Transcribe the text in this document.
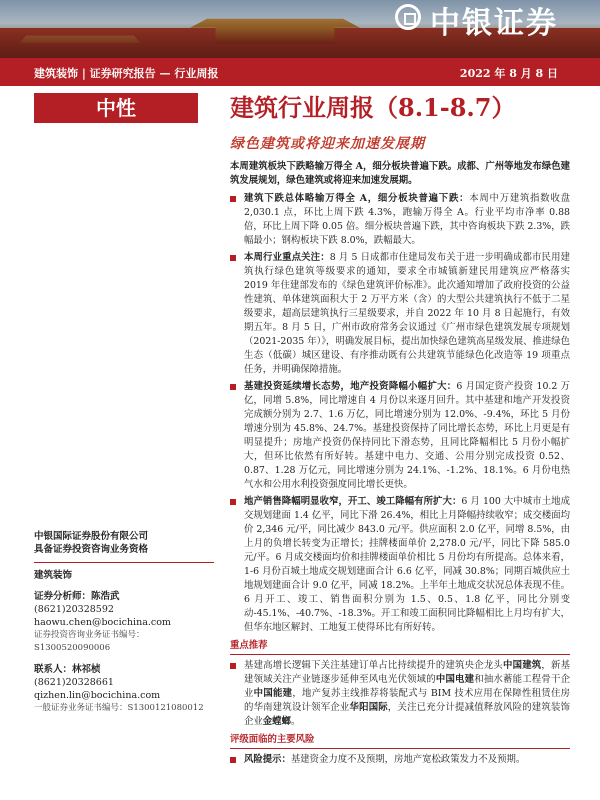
中银证券
建筑装饰 | 证券研究报告 — 行业周报	2022 年 8 月 8 日
中性	建筑行业周报（8.1-8.7）
绿色建筑或将迎来加速发展期
本周建筑板块下跌略输万得全 A，细分板块普遍下跌。成都、广州等地发布绿色建筑发展规划，绿色建筑或将迎来加速发展期。
建筑下跌总体略输万得全 A，细分板块普遍下跌：本周中万建筑指数收盘 2,030.1 点，环比上周下跌 4.3%，跑输万得全 A。行业平均市净率 0.88 倍，环比上周下降 0.05 倍。细分板块普遍下跌，其中咨询板块下跌 2.3%，跌幅最小；钢构板块下跌 8.0%，跌幅最大。
本周行业重点关注：8 月 5 日成都市住建局发布关于进一步明确成都市民用建筑执行绿色建筑等级要求的通知，要求全市城镇新建民用建筑应严格落实 2019 年住建部发布的《绿色建筑评价标准》。此次通知增加了政府投资的公益性建筑、单体建筑面积大于 2 万平方米（含）的大型公共建筑执行不低于二星级要求，超高层建筑执行三星级要求，并自 2022 年 10 月 8 日起施行，有效期五年。8 月 5 日，广州市政府常务会议通过《广州市绿色建筑发展专项规划（2021-2035 年）》，明确发展目标，提出加快绿色建筑高星级发展、推进绿色生态（低碳）城区建设、有序推动既有公共建筑节能绿色化改造等 19 项重点任务，并明确保障措施。
基建投资延续增长态势，地产投资降幅小幅扩大：6 月国定资产投资 10.2 万亿，同增 5.8%，同比增速自 4 月份以来逐月回升。其中基建和地产开发投资完成额分别为 2.7、1.6 万亿，同比增速分别为 12.0%、-9.4%，环比 5 月份增速分别为 45.8%、24.7%。基建投资保持了同比增长态势，环比上月更是有明显提升；房地产投资仍保持同比下滑态势，且同比降幅相比 5 月份小幅扩大，但环比依然有所好转。基建中电力、交通、公用分别完成投资 0.52、0.87、1.28 万亿元，同比增速分别为 24.1%、-1.2%、18.1%。6 月份电热气水和公用水利投资强度同比增长更快。
地产销售降幅明显收窄，开工、竣工降幅有所扩大：6 月 100 大中城市土地成交规划建面 1.4 亿平，同比下滑 26.4%，相比上月降幅持续收窄；成交楼面均价 2,346 元/平，同比减少 843.0 元/平。供应面积 2.0 亿平，同增 8.5%，由上月的负增长转变为正增长；挂牌楼面单价 2,278.0 元/平，同比下降 585.0 元/平。6 月成交楼面均价和挂牌楼面单价相比 5 月份均有所提高。总体来看，1-6 月份百城土地成交规划建面合计 6.6 亿平，同减 30.8%；同期百城供应土地规划建面合计 9.0 亿平，同减 18.2%。上半年土地成交状况总体表现不佳。6 月开工、竣工、销售面积分别为 1.5、0.5、1.8 亿平，同比分别变动-45.1%、-40.7%、-18.3%。开工和竣工面积同比降幅相比上月均有扩大，但华东地区解封、工地复工使得环比有所好转。
重点推荐
基建高增长逻辑下关注基建订单占比持续提升的建筑央企龙头中国建筑，新基建领域关注产业链逐步延伸至风电光伏领域的中国电建和抽水蓄能工程骨干企业中国能建，地产复苏主线推荐将装配式与 BIM 技术应用在保障性租赁住房的华南建筑设计领军企业华阳国际，关注已充分计提减值释放风险的建筑装饰企业金螳螂。
评级面临的主要风险
风险提示：基建资金力度不及预期，房地产宽松政策发力不及预期。
中银国际证券股份有限公司
具备证券投资咨询业务资格
建筑装饰
证券分析师：陈浩武
(8621)20328592
haowu.chen@bocichina.com
证券投资咨询业务证书编号：S1300520090006
联系人：林祁桢
(8621)20328661
qizhen.lin@bocichina.com
一般证券业务证书编号：S1300121080012
